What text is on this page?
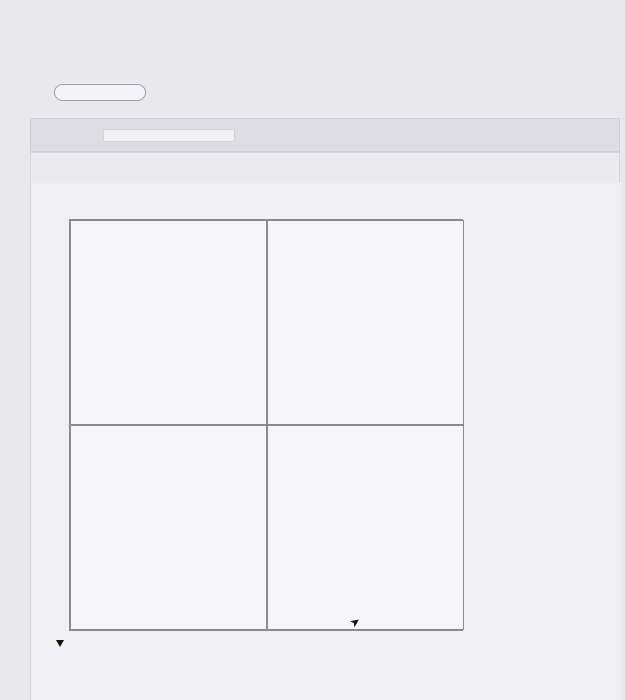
➤
